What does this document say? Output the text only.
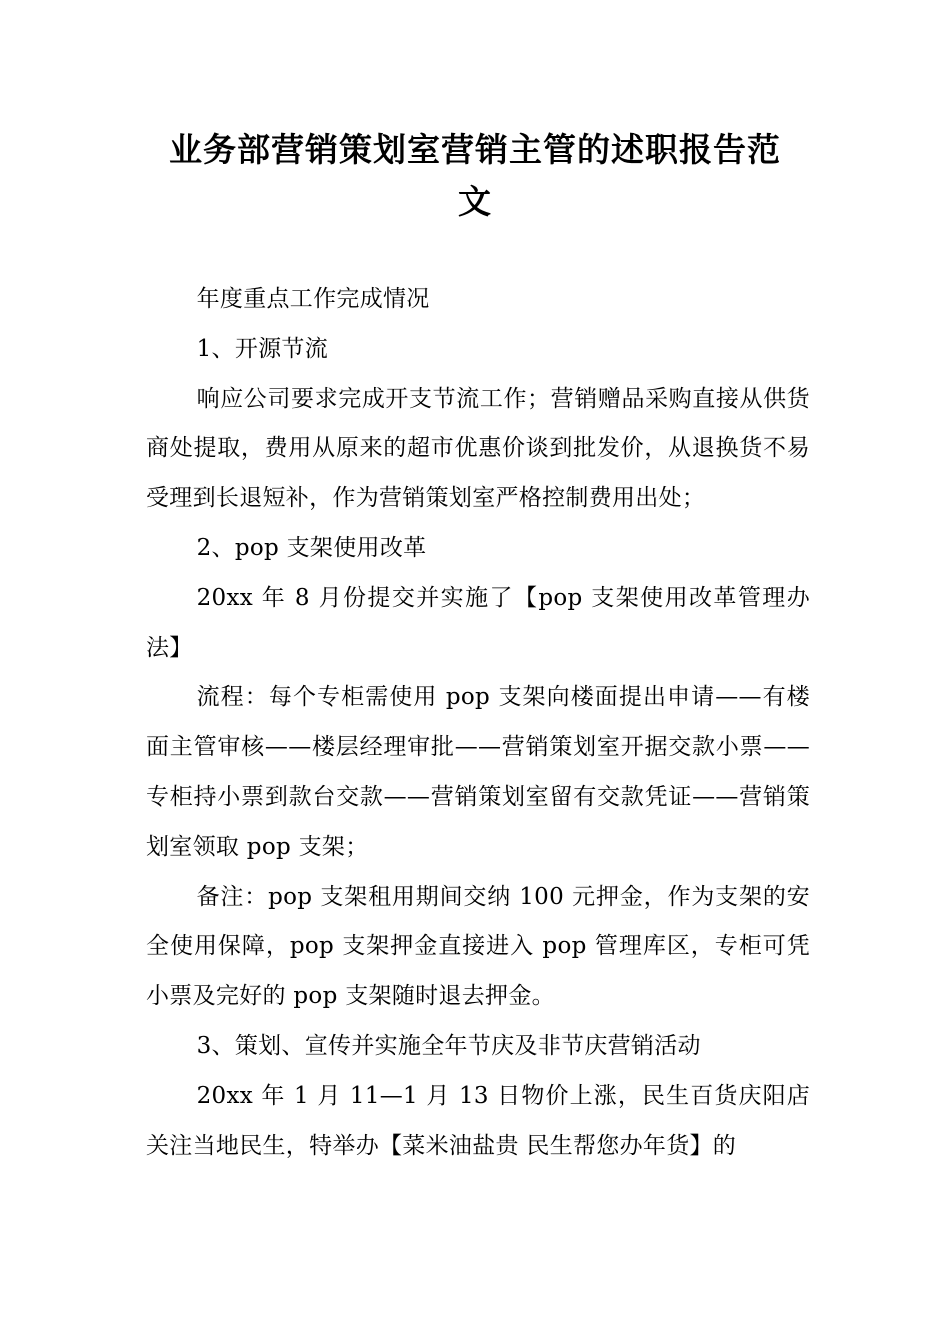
业务部营销策划室营销主管的述职报告范
文

年度重点工作完成情况

1、开源节流

响应公司要求完成开支节流工作；营销赠品采购直接从供货商处提取，费用从原来的超市优惠价谈到批发价，从退换货不易受理到长退短补，作为营销策划室严格控制费用出处；

2、pop 支架使用改革

20xx 年 8 月份提交并实施了【pop 支架使用改革管理办法】

流程：每个专柜需使用 pop 支架向楼面提出申请——有楼面主管审核——楼层经理审批——营销策划室开据交款小票——专柜持小票到款台交款——营销策划室留有交款凭证——营销策划室领取 pop 支架；

备注：pop 支架租用期间交纳 100 元押金，作为支架的安全使用保障，pop 支架押金直接进入 pop 管理库区，专柜可凭小票及完好的 pop 支架随时退去押金。

3、策划、宣传并实施全年节庆及非节庆营销活动

20xx 年 1 月 11—1 月 13 日物价上涨，民生百货庆阳店关注当地民生，特举办【菜米油盐贵 民生帮您办年货】的
